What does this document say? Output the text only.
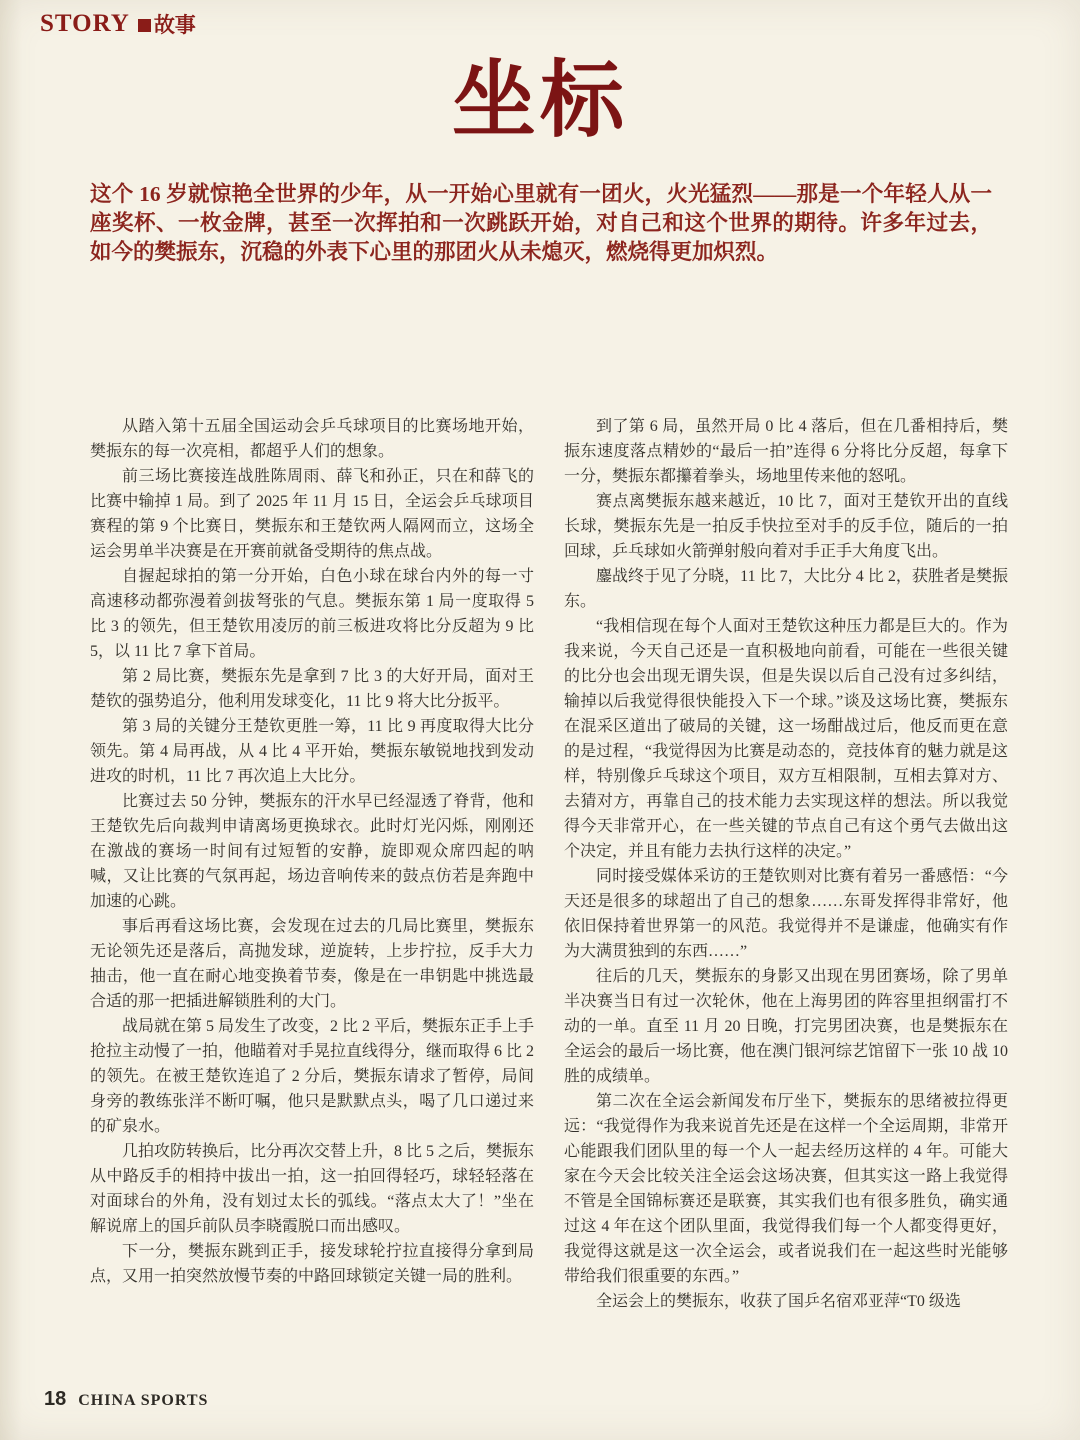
STORY 故事
坐标

这个 16 岁就惊艳全世界的少年，从一开始心里就有一团火，火光猛烈——那是一个年轻人从一座奖杯、一枚金牌，甚至一次挥拍和一次跳跃开始，对自己和这个世界的期待。许多年过去，如今的樊振东，沉稳的外表下心里的那团火从未熄灭，燃烧得更加炽烈。

从踏入第十五届全国运动会乒乓球项目的比赛场地开始，樊振东的每一次亮相，都超乎人们的想象。

前三场比赛接连战胜陈周雨、薛飞和孙正，只在和薛飞的比赛中输掉 1 局。到了 2025 年 11 月 15 日，全运会乒乓球项目赛程的第 9 个比赛日，樊振东和王楚钦两人隔网而立，这场全运会男单半决赛是在开赛前就备受期待的焦点战。

自握起球拍的第一分开始，白色小球在球台内外的每一寸高速移动都弥漫着剑拔弩张的气息。樊振东第 1 局一度取得 5 比 3 的领先，但王楚钦用凌厉的前三板进攻将比分反超为 9 比 5，以 11 比 7 拿下首局。

第 2 局比赛，樊振东先是拿到 7 比 3 的大好开局，面对王楚钦的强势追分，他利用发球变化，11 比 9 将大比分扳平。

第 3 局的关键分王楚钦更胜一筹，11 比 9 再度取得大比分领先。第 4 局再战，从 4 比 4 平开始，樊振东敏锐地找到发动进攻的时机，11 比 7 再次追上大比分。

比赛过去 50 分钟，樊振东的汗水早已经湿透了脊背，他和王楚钦先后向裁判申请离场更换球衣。此时灯光闪烁，刚刚还在激战的赛场一时间有过短暂的安静，旋即观众席四起的呐喊，又让比赛的气氛再起，场边音响传来的鼓点仿若是奔跑中加速的心跳。

事后再看这场比赛，会发现在过去的几局比赛里，樊振东无论领先还是落后，高抛发球，逆旋转，上步拧拉，反手大力抽击，他一直在耐心地变换着节奏，像是在一串钥匙中挑选最合适的那一把插进解锁胜利的大门。

战局就在第 5 局发生了改变，2 比 2 平后，樊振东正手上手抢拉主动慢了一拍，他瞄着对手晃拉直线得分，继而取得 6 比 2 的领先。在被王楚钦连追了 2 分后，樊振东请求了暂停，局间身旁的教练张洋不断叮嘱，他只是默默点头，喝了几口递过来的矿泉水。

几拍攻防转换后，比分再次交替上升，8 比 5 之后，樊振东从中路反手的相持中拔出一拍，这一拍回得轻巧，球轻轻落在对面球台的外角，没有划过太长的弧线。“落点太大了！”坐在解说席上的国乒前队员李晓霞脱口而出感叹。

下一分，樊振东跳到正手，接发球轮拧拉直接得分拿到局点，又用一拍突然放慢节奏的中路回球锁定关键一局的胜利。

到了第 6 局，虽然开局 0 比 4 落后，但在几番相持后，樊振东速度落点精妙的“最后一拍”连得 6 分将比分反超，每拿下一分，樊振东都攥着拳头，场地里传来他的怒吼。

赛点离樊振东越来越近，10 比 7，面对王楚钦开出的直线长球，樊振东先是一拍反手快拉至对手的反手位，随后的一拍回球，乒乓球如火箭弹射般向着对手正手大角度飞出。

鏖战终于见了分晓，11 比 7，大比分 4 比 2，获胜者是樊振东。

“我相信现在每个人面对王楚钦这种压力都是巨大的。作为我来说，今天自己还是一直积极地向前看，可能在一些很关键的比分也会出现无谓失误，但是失误以后自己没有过多纠结，输掉以后我觉得很快能投入下一个球。”谈及这场比赛，樊振东在混采区道出了破局的关键，这一场酣战过后，他反而更在意的是过程，“我觉得因为比赛是动态的，竞技体育的魅力就是这样，特别像乒乓球这个项目，双方互相限制，互相去算对方、去猜对方，再靠自己的技术能力去实现这样的想法。所以我觉得今天非常开心，在一些关键的节点自己有这个勇气去做出这个决定，并且有能力去执行这样的决定。”

同时接受媒体采访的王楚钦则对比赛有着另一番感悟：“今天还是很多的球超出了自己的想象……东哥发挥得非常好，他依旧保持着世界第一的风范。我觉得并不是谦虚，他确实有作为大满贯独到的东西……”

往后的几天，樊振东的身影又出现在男团赛场，除了男单半决赛当日有过一次轮休，他在上海男团的阵容里担纲雷打不动的一单。直至 11 月 20 日晚，打完男团决赛，也是樊振东在全运会的最后一场比赛，他在澳门银河综艺馆留下一张 10 战 10 胜的成绩单。

第二次在全运会新闻发布厅坐下，樊振东的思绪被拉得更远：“我觉得作为我来说首先还是在这样一个全运周期，非常开心能跟我们团队里的每一个人一起去经历这样的 4 年。可能大家在今天会比较关注全运会这场决赛，但其实这一路上我觉得不管是全国锦标赛还是联赛，其实我们也有很多胜负，确实通过这 4 年在这个团队里面，我觉得我们每一个人都变得更好，我觉得这就是这一次全运会，或者说我们在一起这些时光能够带给我们很重要的东西。”

全运会上的樊振东，收获了国乒名宿邓亚萍“T0 级选

18 CHINA SPORTS
